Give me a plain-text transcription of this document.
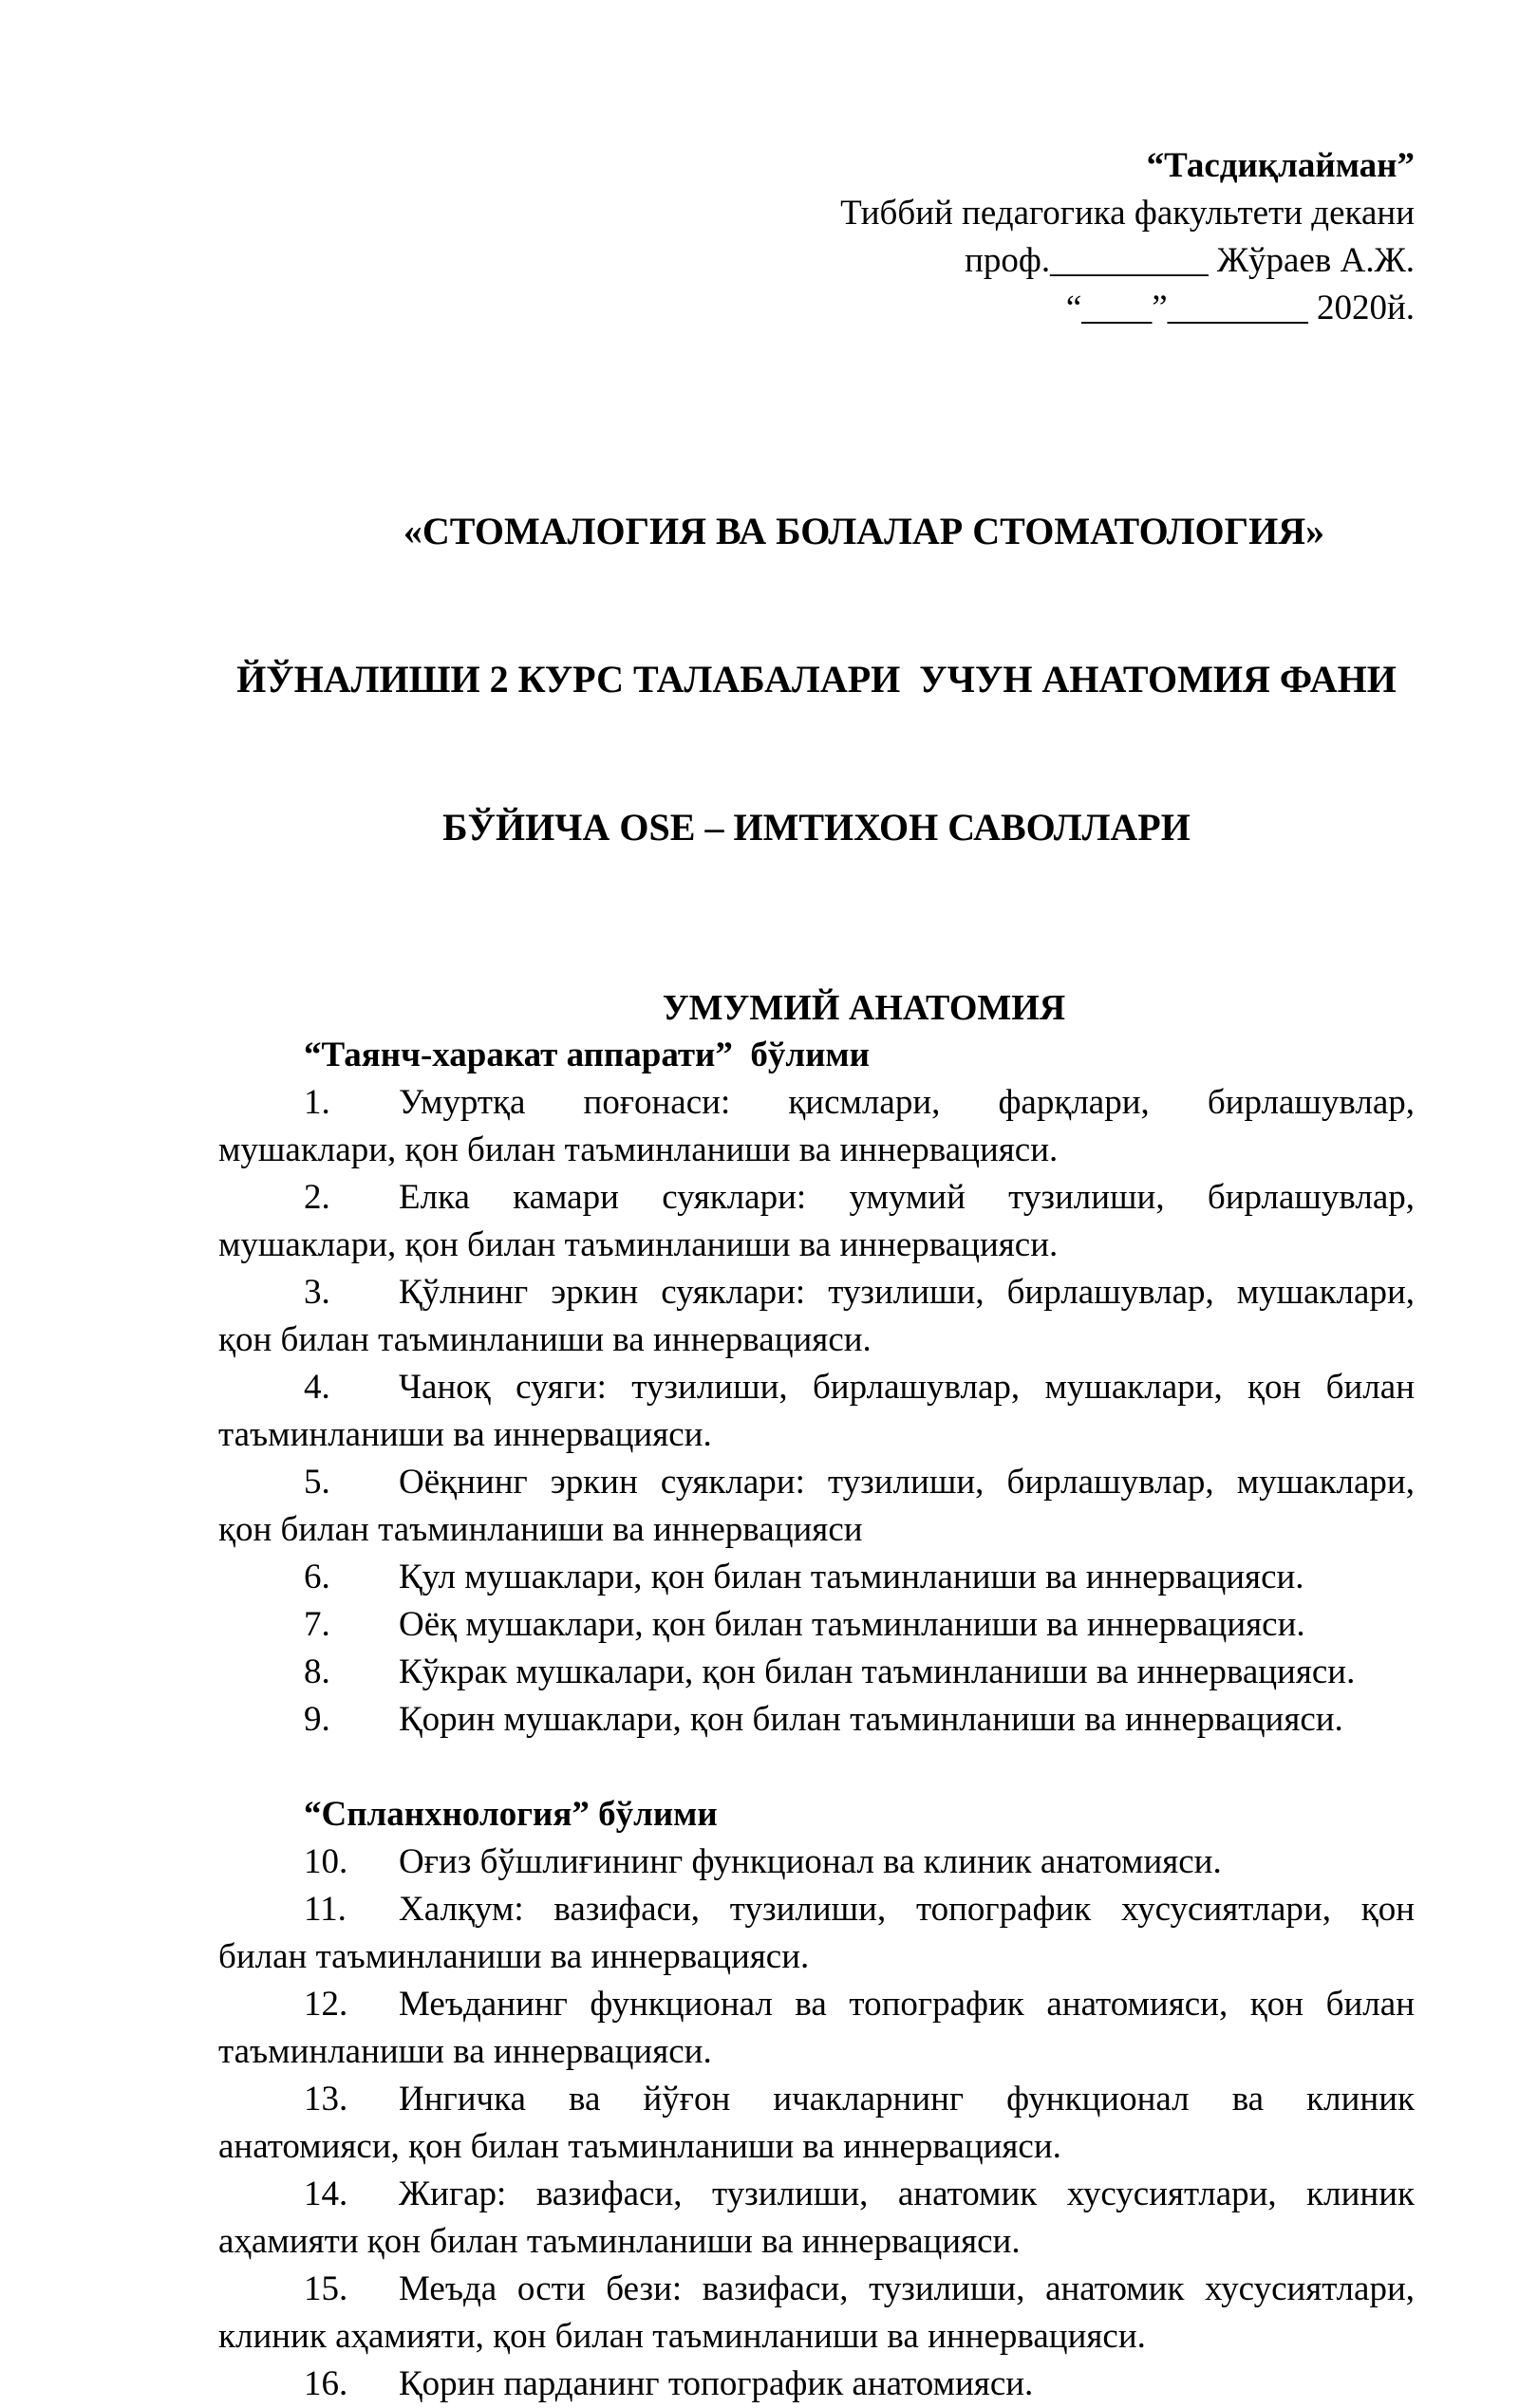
“Тасдиқлайман”
Тиббий педагогика факультети декани
проф._________ Жўраев А.Ж.
“____”________ 2020й.

«СТОМАЛОГИЯ ВА БОЛАЛАР СТОМАТОЛОГИЯ»

ЙЎНАЛИШИ 2 КУРС ТАЛАБАЛАРИ  УЧУН АНАТОМИЯ ФАНИ

БЎЙИЧА OSE – ИМТИХОН САВОЛЛАРИ

УМУМИЙ АНАТОМИЯ
“Таянч-харакат аппарати”  бўлими
1. Умуртқа поғонаси: қисмлари, фарқлари, бирлашувлар,
мушаклари, қон билан таъминланиши ва иннервацияси.
2. Елка камари суяклари: умумий тузилиши, бирлашувлар,
мушаклари, қон билан таъминланиши ва иннервацияси.
3. Қўлнинг эркин суяклари: тузилиши, бирлашувлар, мушаклари,
қон билан таъминланиши ва иннервацияси.
4. Чаноқ суяги: тузилиши, бирлашувлар, мушаклари, қон билан
таъминланиши ва иннервацияси.
5. Оёқнинг эркин суяклари: тузилиши, бирлашувлар, мушаклари,
қон билан таъминланиши ва иннервацияси
6. Қул мушаклари, қон билан таъминланиши ва иннервацияси.
7. Оёқ мушаклари, қон билан таъминланиши ва иннервацияси.
8. Кўкрак мушкалари, қон билан таъминланиши ва иннервацияси.
9. Қорин мушаклари, қон билан таъминланиши ва иннервацияси.
“Спланхнология” бўлими
10. Оғиз бўшлиғининг функционал ва клиник анатомияси.
11. Халқум: вазифаси, тузилиши, топографик хусусиятлари, қон
билан таъминланиши ва иннервацияси.
12. Меъданинг функционал ва топографик анатомияси, қон билан
таъминланиши ва иннервацияси.
13. Ингичка ва йўғон ичакларнинг функционал ва клиник
анатомияси, қон билан таъминланиши ва иннервацияси.
14. Жигар: вазифаси, тузилиши, анатомик хусусиятлари, клиник
аҳамияти қон билан таъминланиши ва иннервацияси.
15. Меъда ости бези: вазифаси, тузилиши, анатомик хусусиятлари,
клиник аҳамияти, қон билан таъминланиши ва иннервацияси.
16. Қорин парданинг топографик анатомияси.
